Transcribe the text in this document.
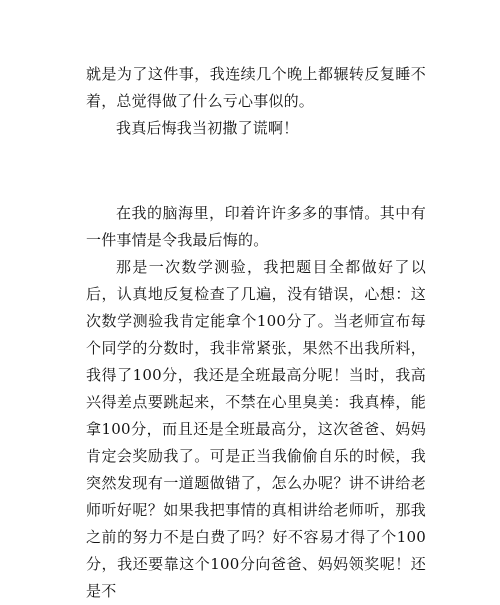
就是为了这件事，我连续几个晚上都辗转反复睡不着，总觉得做了什么亏心事似的。

我真后悔我当初撒了谎啊！

在我的脑海里，印着许许多多的事情。其中有一件事情是令我最后悔的。

那是一次数学测验，我把题目全都做好了以后，认真地反复检查了几遍，没有错误，心想：这次数学测验我肯定能拿个100分了。当老师宣布每个同学的分数时，我非常紧张，果然不出我所料，我得了100分，我还是全班最高分呢！当时，我高兴得差点要跳起来，不禁在心里臭美：我真棒，能拿100分，而且还是全班最高分，这次爸爸、妈妈肯定会奖励我了。可是正当我偷偷自乐的时候，我突然发现有一道题做错了，怎么办呢？讲不讲给老师听好呢？如果我把事情的真相讲给老师听，那我之前的努力不是白费了吗？好不容易才得了个100分，我还要靠这个100分向爸爸、妈妈领奖呢！还是不
